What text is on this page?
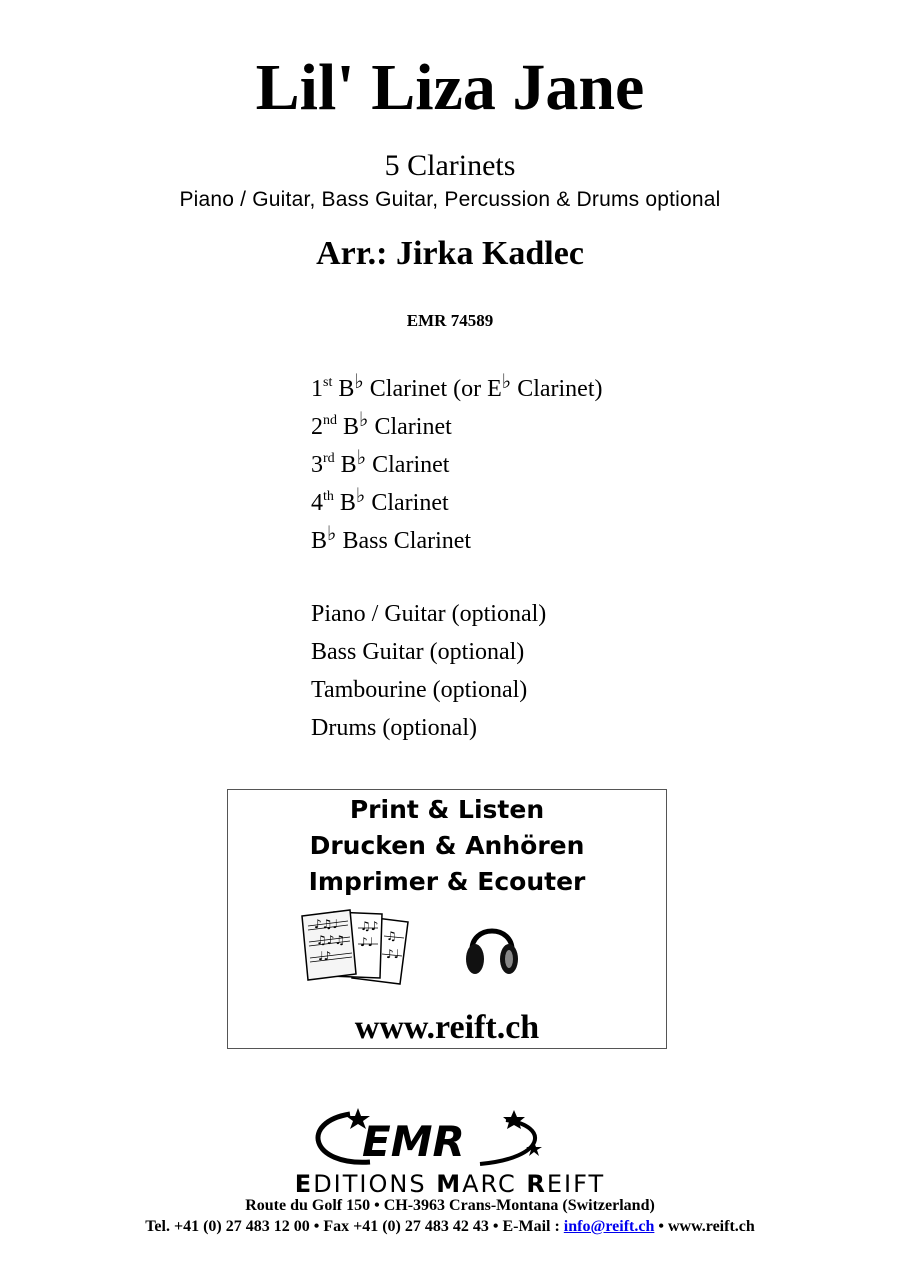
Lil' Liza Jane
5 Clarinets
Piano / Guitar, Bass Guitar, Percussion & Drums optional
Arr.: Jirka Kadlec
EMR 74589
1st B♭ Clarinet (or E♭ Clarinet)
2nd B♭ Clarinet
3rd B♭ Clarinet
4th B♭ Clarinet
B♭ Bass Clarinet
Piano / Guitar (optional)
Bass Guitar (optional)
Tambourine (optional)
Drums (optional)
Print & Listen
Drucken & Anhören
Imprimer & Ecouter
♪♫♩
♫♪♫
♩♪
♫♪
♪♩ ♫
♪♩
www.reift.ch
EMR
EDITIONS MARC REIFT
Route du Golf 150 • CH-3963 Crans-Montana (Switzerland)
Tel. +41 (0) 27 483 12 00 • Fax +41 (0) 27 483 42 43 • E-Mail : info@reift.ch • www.reift.ch
